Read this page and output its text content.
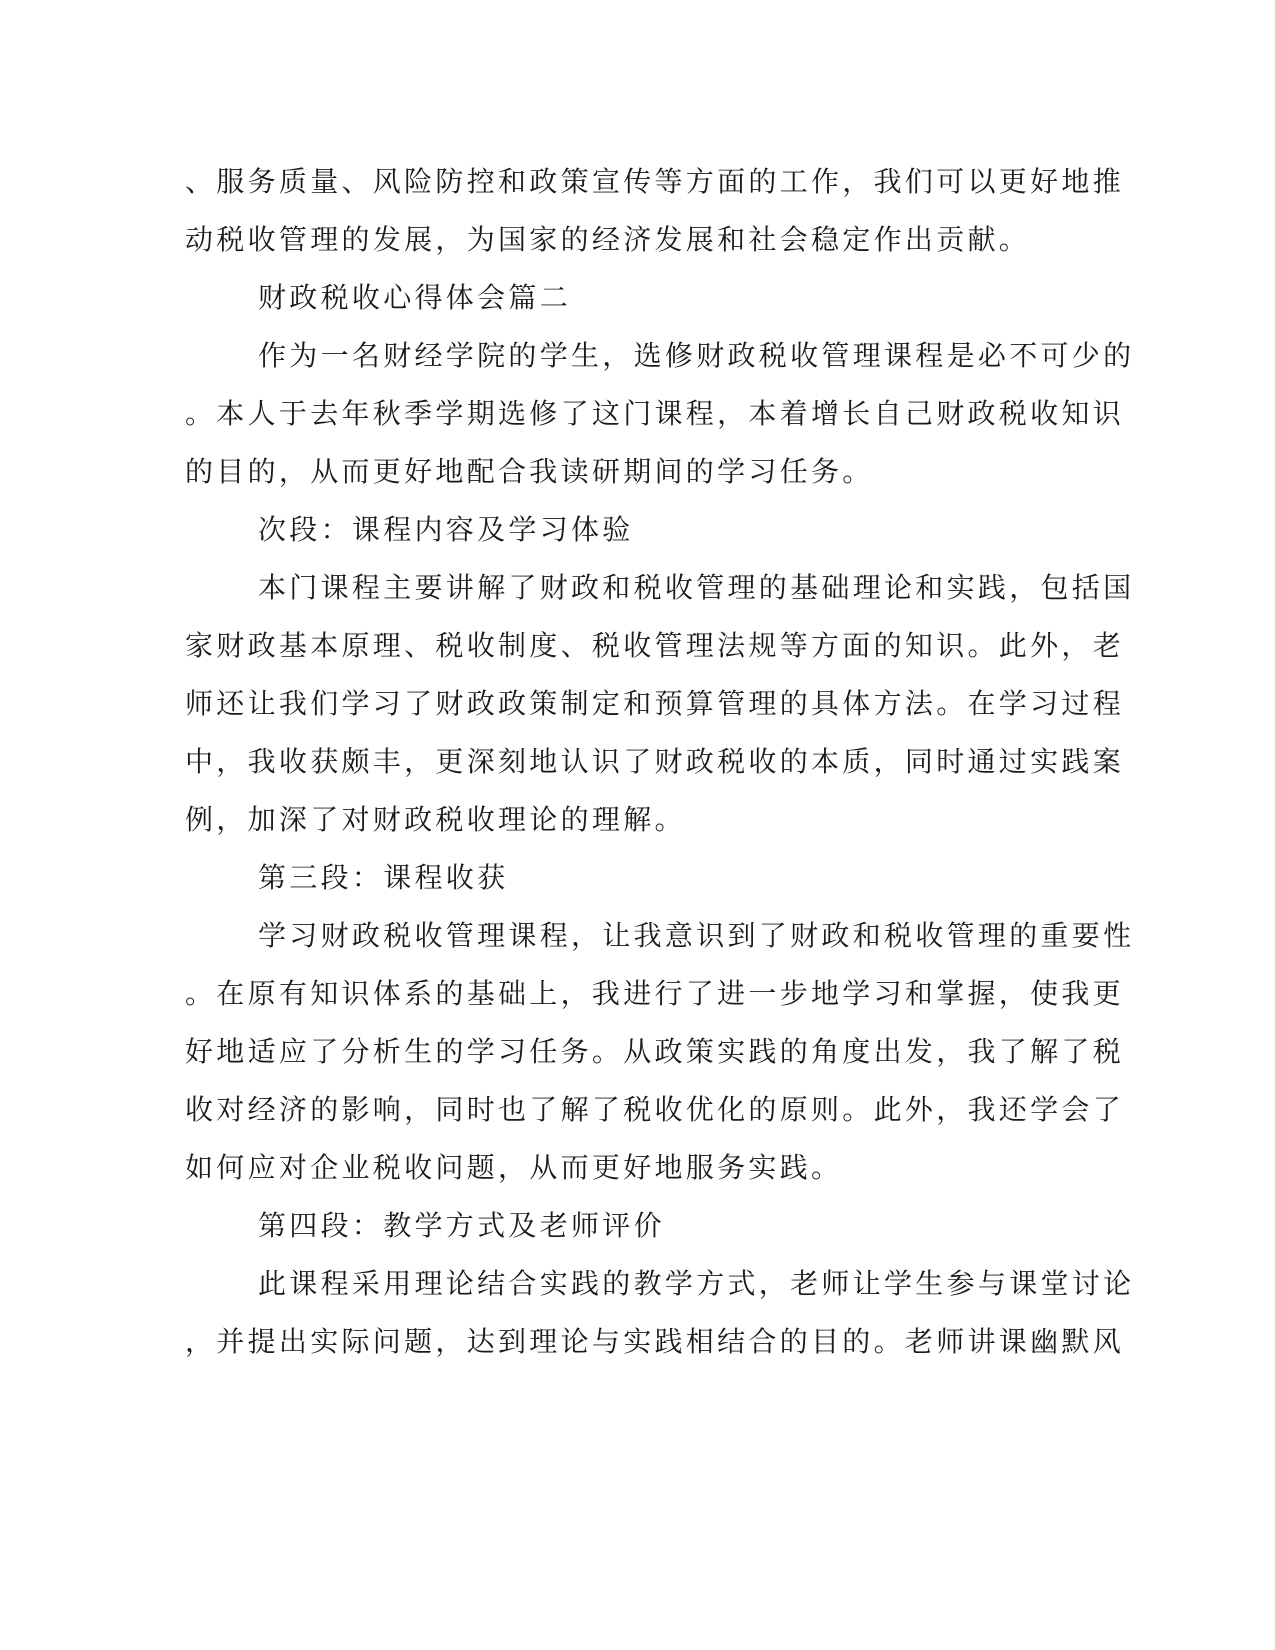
、服务质量、风险防控和政策宣传等方面的工作，我们可以更好地推
动税收管理的发展，为国家的经济发展和社会稳定作出贡献。
财政税收心得体会篇二
作为一名财经学院的学生，选修财政税收管理课程是必不可少的
。本人于去年秋季学期选修了这门课程，本着增长自己财政税收知识
的目的，从而更好地配合我读研期间的学习任务。
次段：课程内容及学习体验
本门课程主要讲解了财政和税收管理的基础理论和实践，包括国
家财政基本原理、税收制度、税收管理法规等方面的知识。此外，老
师还让我们学习了财政政策制定和预算管理的具体方法。在学习过程
中，我收获颇丰，更深刻地认识了财政税收的本质，同时通过实践案
例，加深了对财政税收理论的理解。
第三段：课程收获
学习财政税收管理课程，让我意识到了财政和税收管理的重要性
。在原有知识体系的基础上，我进行了进一步地学习和掌握，使我更
好地适应了分析生的学习任务。从政策实践的角度出发，我了解了税
收对经济的影响，同时也了解了税收优化的原则。此外，我还学会了
如何应对企业税收问题，从而更好地服务实践。
第四段：教学方式及老师评价
此课程采用理论结合实践的教学方式，老师让学生参与课堂讨论
，并提出实际问题，达到理论与实践相结合的目的。老师讲课幽默风
